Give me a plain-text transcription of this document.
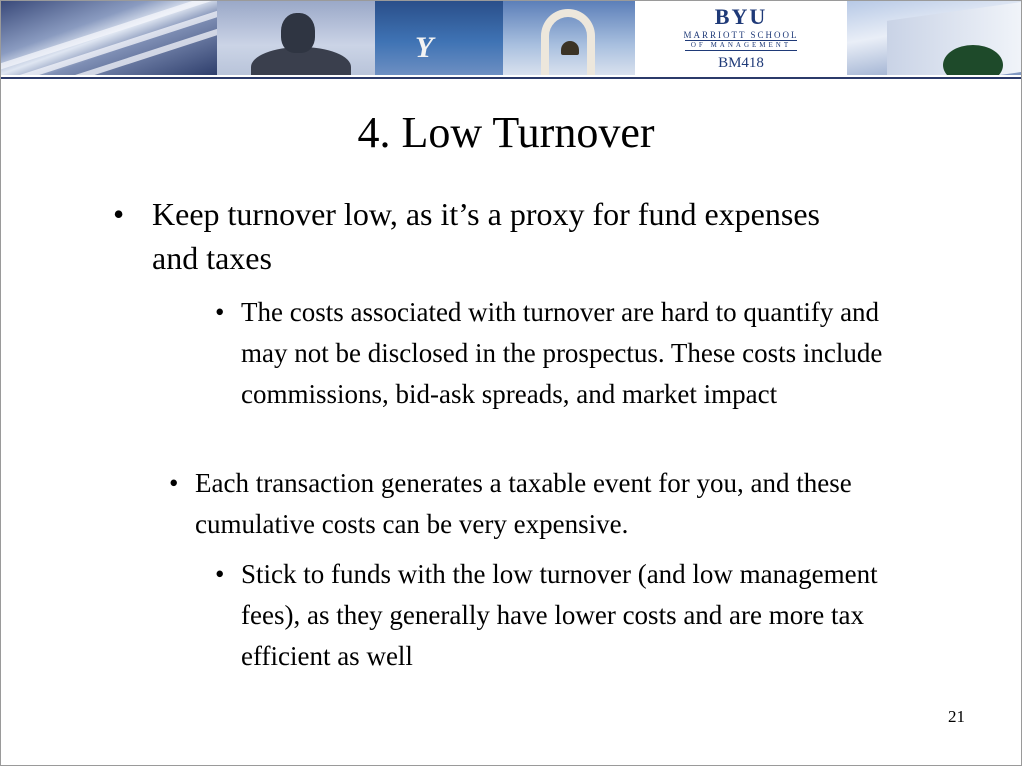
Y
BYU
MARRIOTT SCHOOL
OF MANAGEMENT
BM418
4. Low Turnover
• Keep turnover low, as it’s a proxy for fund expenses and taxes
• The costs associated with turnover are hard to quantify and may not be disclosed in the prospectus. These costs include commissions, bid-ask spreads, and market impact
• Each transaction generates a taxable event for you, and these cumulative costs can be very expensive.
• Stick to funds with the low turnover (and low management fees), as they generally have lower costs and are more tax efficient as well
21
